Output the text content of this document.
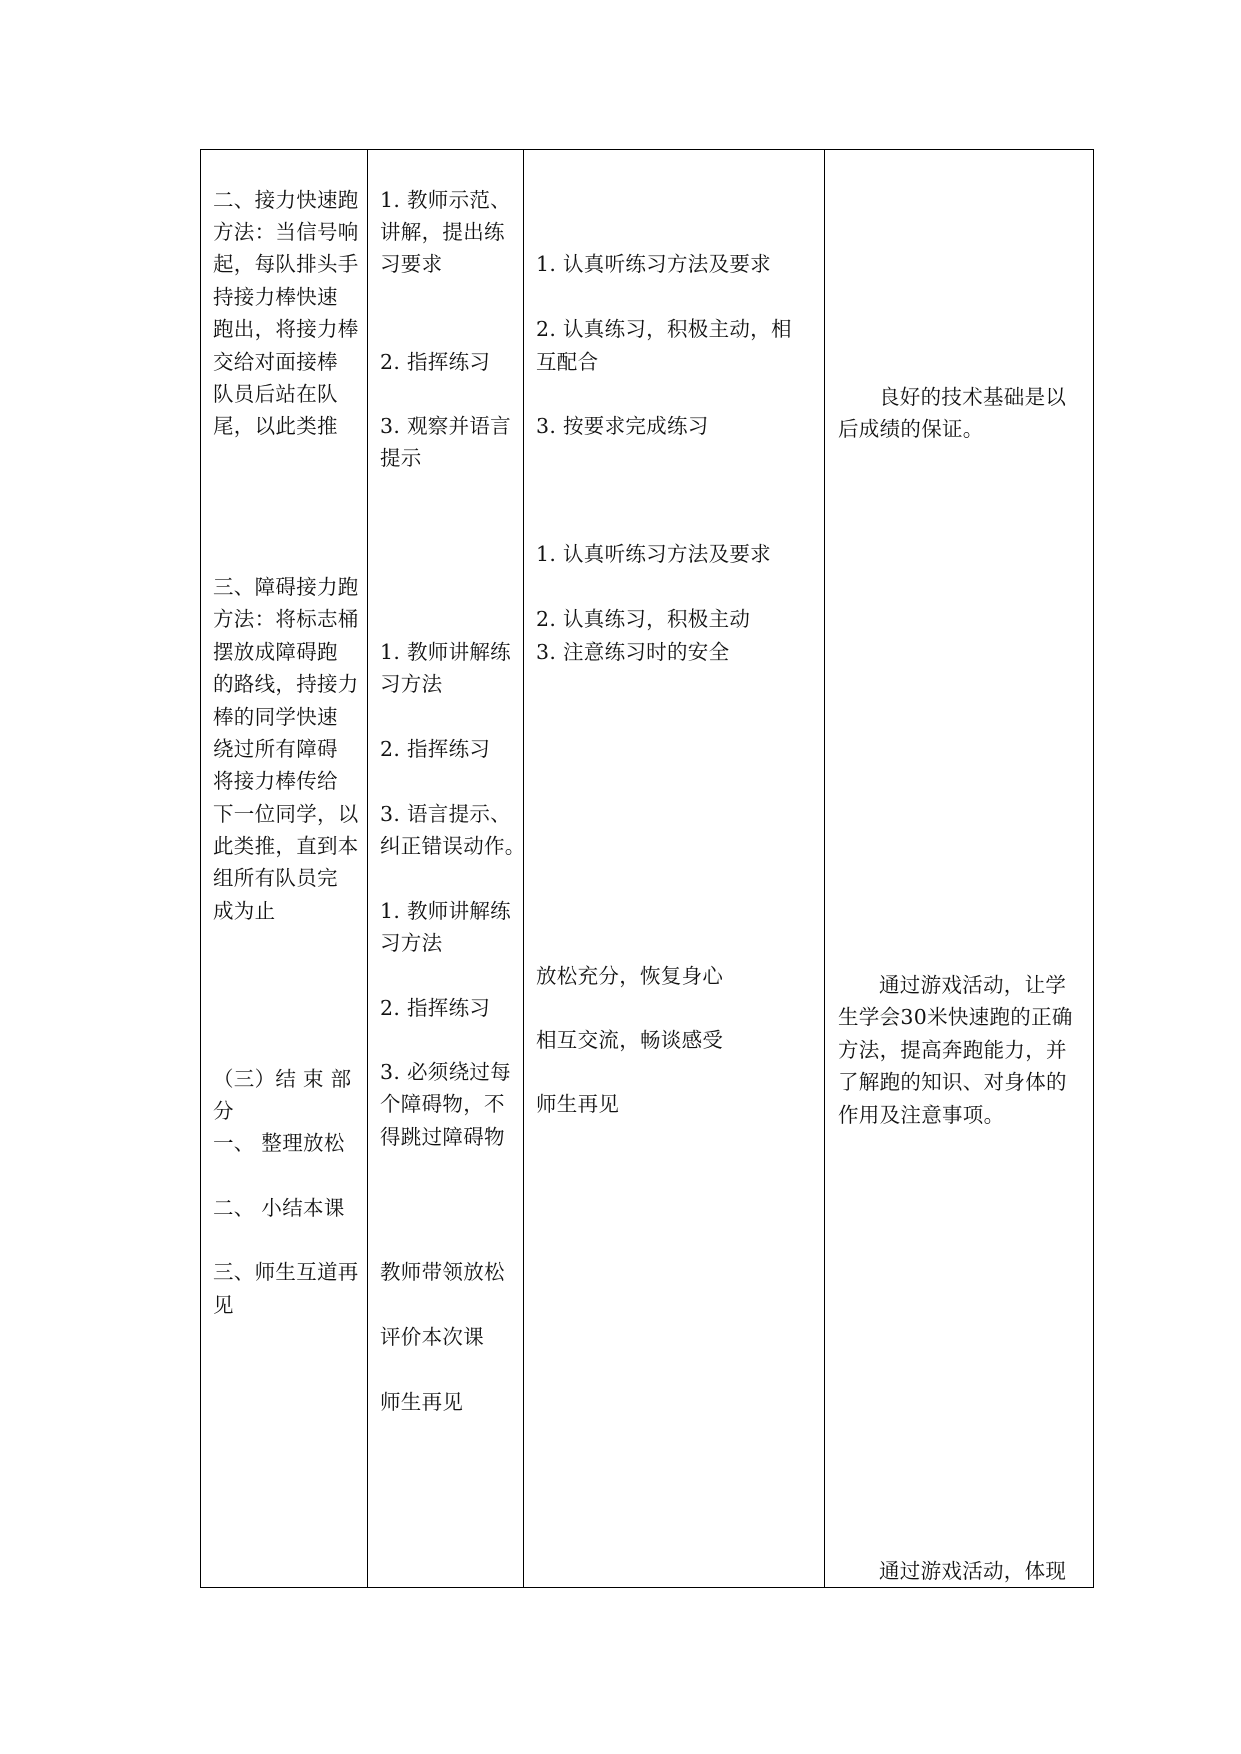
二、接力快速跑

方法：当信号响

起，每队排头手

持接力棒快速

跑出，将接力棒

交给对面接棒

队员后站在队

尾，以此类推

三、障碍接力跑

方法：将标志桶

摆放成障碍跑

的路线，持接力

棒的同学快速

绕过所有障碍

将接力棒传给

下一位同学，以

此类推，直到本

组所有队员完

成为止

（三）结 束 部

分

一、 整理放松

二、 小结本课

三、师生互道再

见

1. 教师示范、

讲解，提出练

习要求

2. 指挥练习

3. 观察并语言

提示

1. 教师讲解练

习方法

2. 指挥练习

3. 语言提示、

纠正错误动作。

1. 教师讲解练

习方法

2. 指挥练习

3. 必须绕过每

个障碍物，不

得跳过障碍物

教师带领放松

评价本次课

师生再见

1. 认真听练习方法及要求

2. 认真练习，积极主动，相

互配合

3. 按要求完成练习

1. 认真听练习方法及要求

2. 认真练习，积极主动

3. 注意练习时的安全

放松充分，恢复身心

相互交流，畅谈感受

师生再见

良好的技术基础是以

后成绩的保证。

通过游戏活动，让学

生学会30米快速跑的正确

方法，提高奔跑能力，并

了解跑的知识、对身体的

作用及注意事项。

通过游戏活动，体现
